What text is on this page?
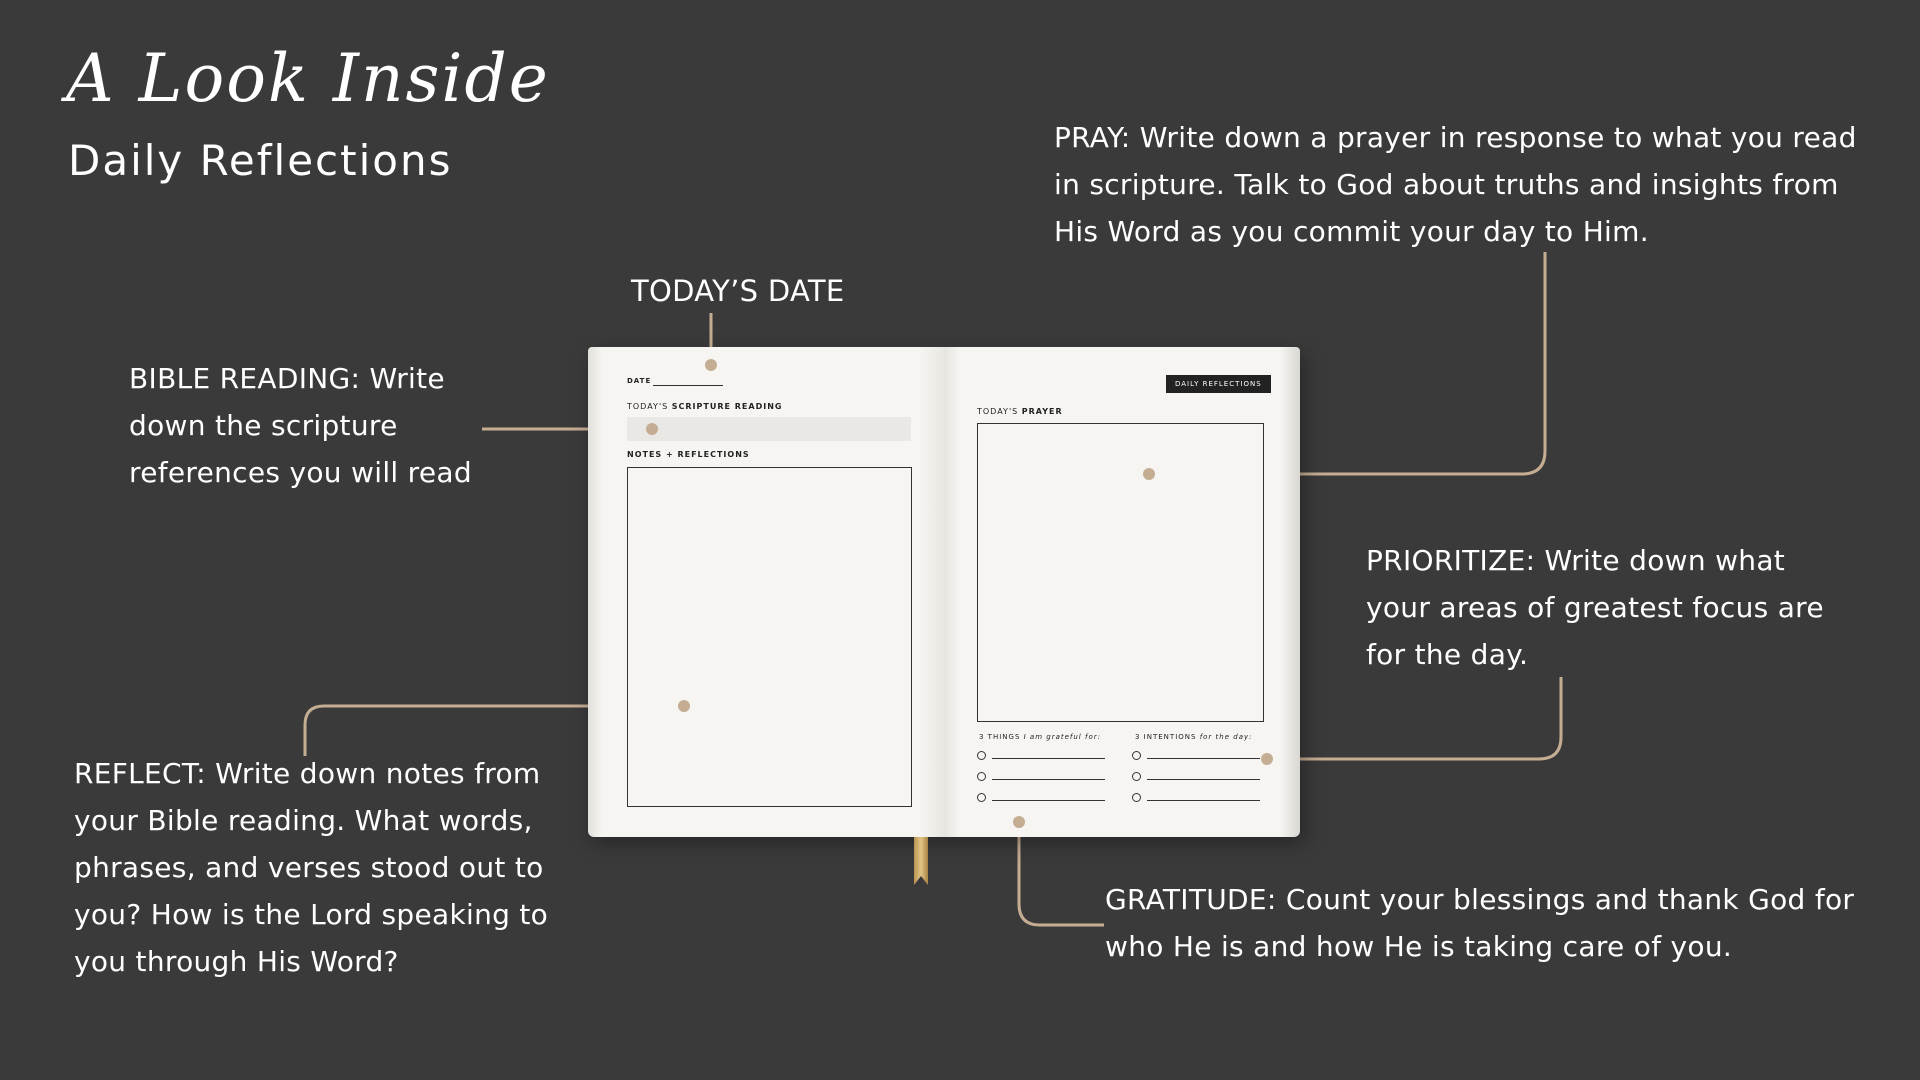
A Look Inside
Daily Reflections
DATE
TODAY'S SCRIPTURE READING
NOTES + REFLECTIONS
DAILY REFLECTIONS
TODAY'S PRAYER
3 THINGS I am grateful for:	3 INTENTIONS for the day:
TODAY’S DATE
BIBLE READING: Write down the scripture references you will read
PRAY: Write down a prayer in response to what you read in scripture. Talk to God about truths and insights from His Word as you commit your day to Him.
PRIORITIZE: Write down what your areas of greatest focus are for the day.
REFLECT: Write down notes from your Bible reading. What words, phrases, and verses stood out to you? How is the Lord speaking to you through His Word?
GRATITUDE: Count your blessings and thank God for who He is and how He is taking care of you.
